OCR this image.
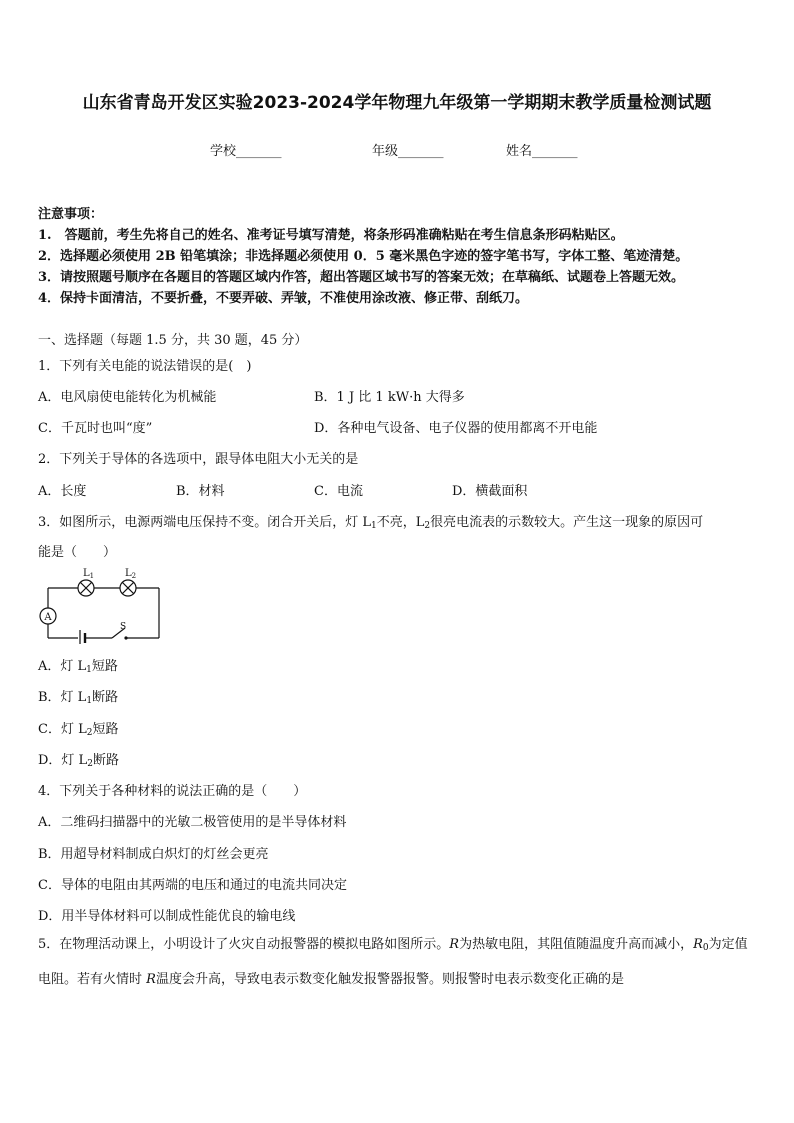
山东省青岛开发区实验2023-2024学年物理九年级第一学期期末教学质量检测试题
学校_______	年级_______	姓名_______
注意事项：
1.　答题前，考生先将自己的姓名、准考证号填写清楚，将条形码准确粘贴在考生信息条形码粘贴区。
2．选择题必须使用 2B 铅笔填涂；非选择题必须使用 0．5 毫米黑色字迹的签字笔书写，字体工整、笔迹清楚。
3．请按照题号顺序在各题目的答题区域内作答，超出答题区域书写的答案无效；在草稿纸、试题卷上答题无效。
4．保持卡面清洁，不要折叠，不要弄破、弄皱，不准使用涂改液、修正带、刮纸刀。
一、选择题（每题 1.5 分，共 30 题，45 分）
1．下列有关电能的说法错误的是(　)
A．电风扇使电能转化为机械能	B．1 J 比 1 kW·h 大得多
C．千瓦时也叫“度”	D．各种电气设备、电子仪器的使用都离不开电能
2．下列关于导体的各选项中，跟导体电阻大小无关的是
A．长度	B．材料	C．电流	D．横截面积
3．如图所示，电源两端电压保持不变。闭合开关后，灯 $L_1$不亮，$L_2$很亮电流表的示数较大。产生这一现象的原因可
能是（　　）
A
$L_1$	$L_2$
S
A．灯 $L_1$短路
B．灯 $L_1$断路
C．灯 $L_2$短路
D．灯 $L_2$断路
4．下列关于各种材料的说法正确的是（　　）
A．二维码扫描器中的光敏二极管使用的是半导体材料
B．用超导材料制成白炽灯的灯丝会更亮
C．导体的电阻由其两端的电压和通过的电流共同决定
D．用半导体材料可以制成性能优良的输电线
5．在物理活动课上，小明设计了火灾自动报警器的模拟电路如图所示。R为热敏电阻，其阻值随温度升高而减小，$R_0$为定值电阻。若有火情时 R温度会升高，导致电表示数变化触发报警器报警。则报警时电表示数变化正确的是
